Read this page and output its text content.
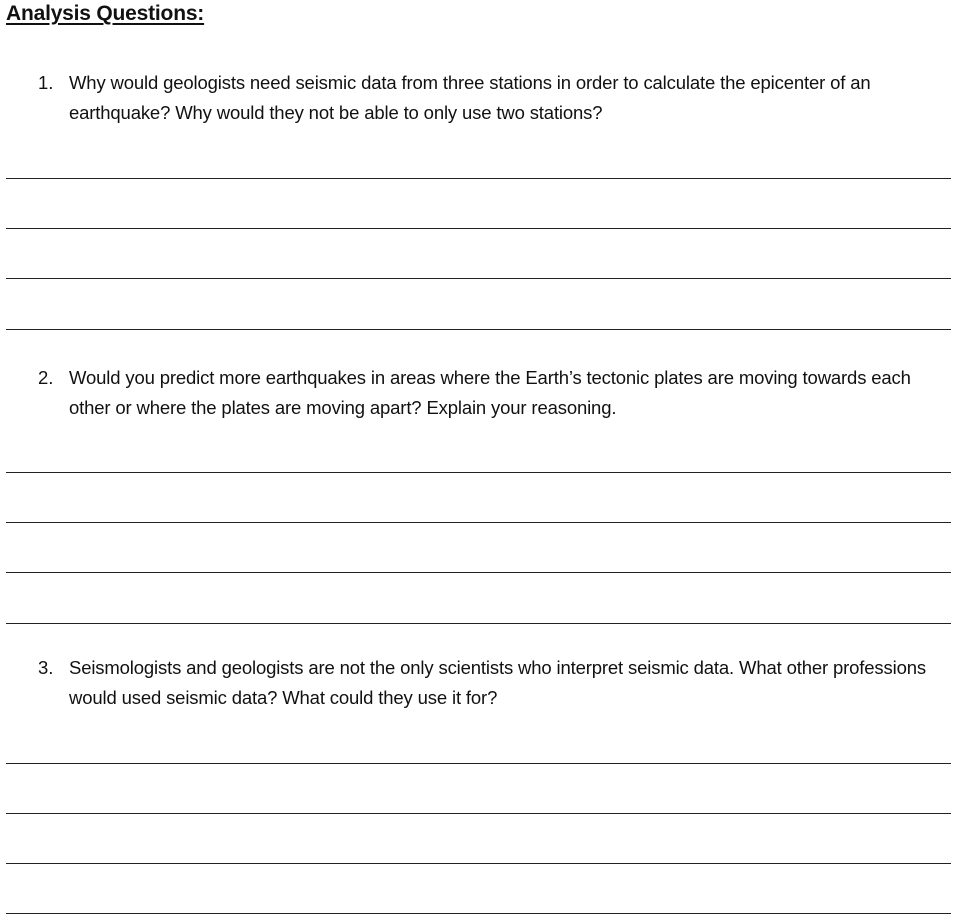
Analysis Questions:
1. Why would geologists need seismic data from three stations in order to calculate the epicenter of an earthquake? Why would they not be able to only use two stations?
2. Would you predict more earthquakes in areas where the Earth’s tectonic plates are moving towards each other or where the plates are moving apart? Explain your reasoning.
3. Seismologists and geologists are not the only scientists who interpret seismic data. What other professions would used seismic data? What could they use it for?
